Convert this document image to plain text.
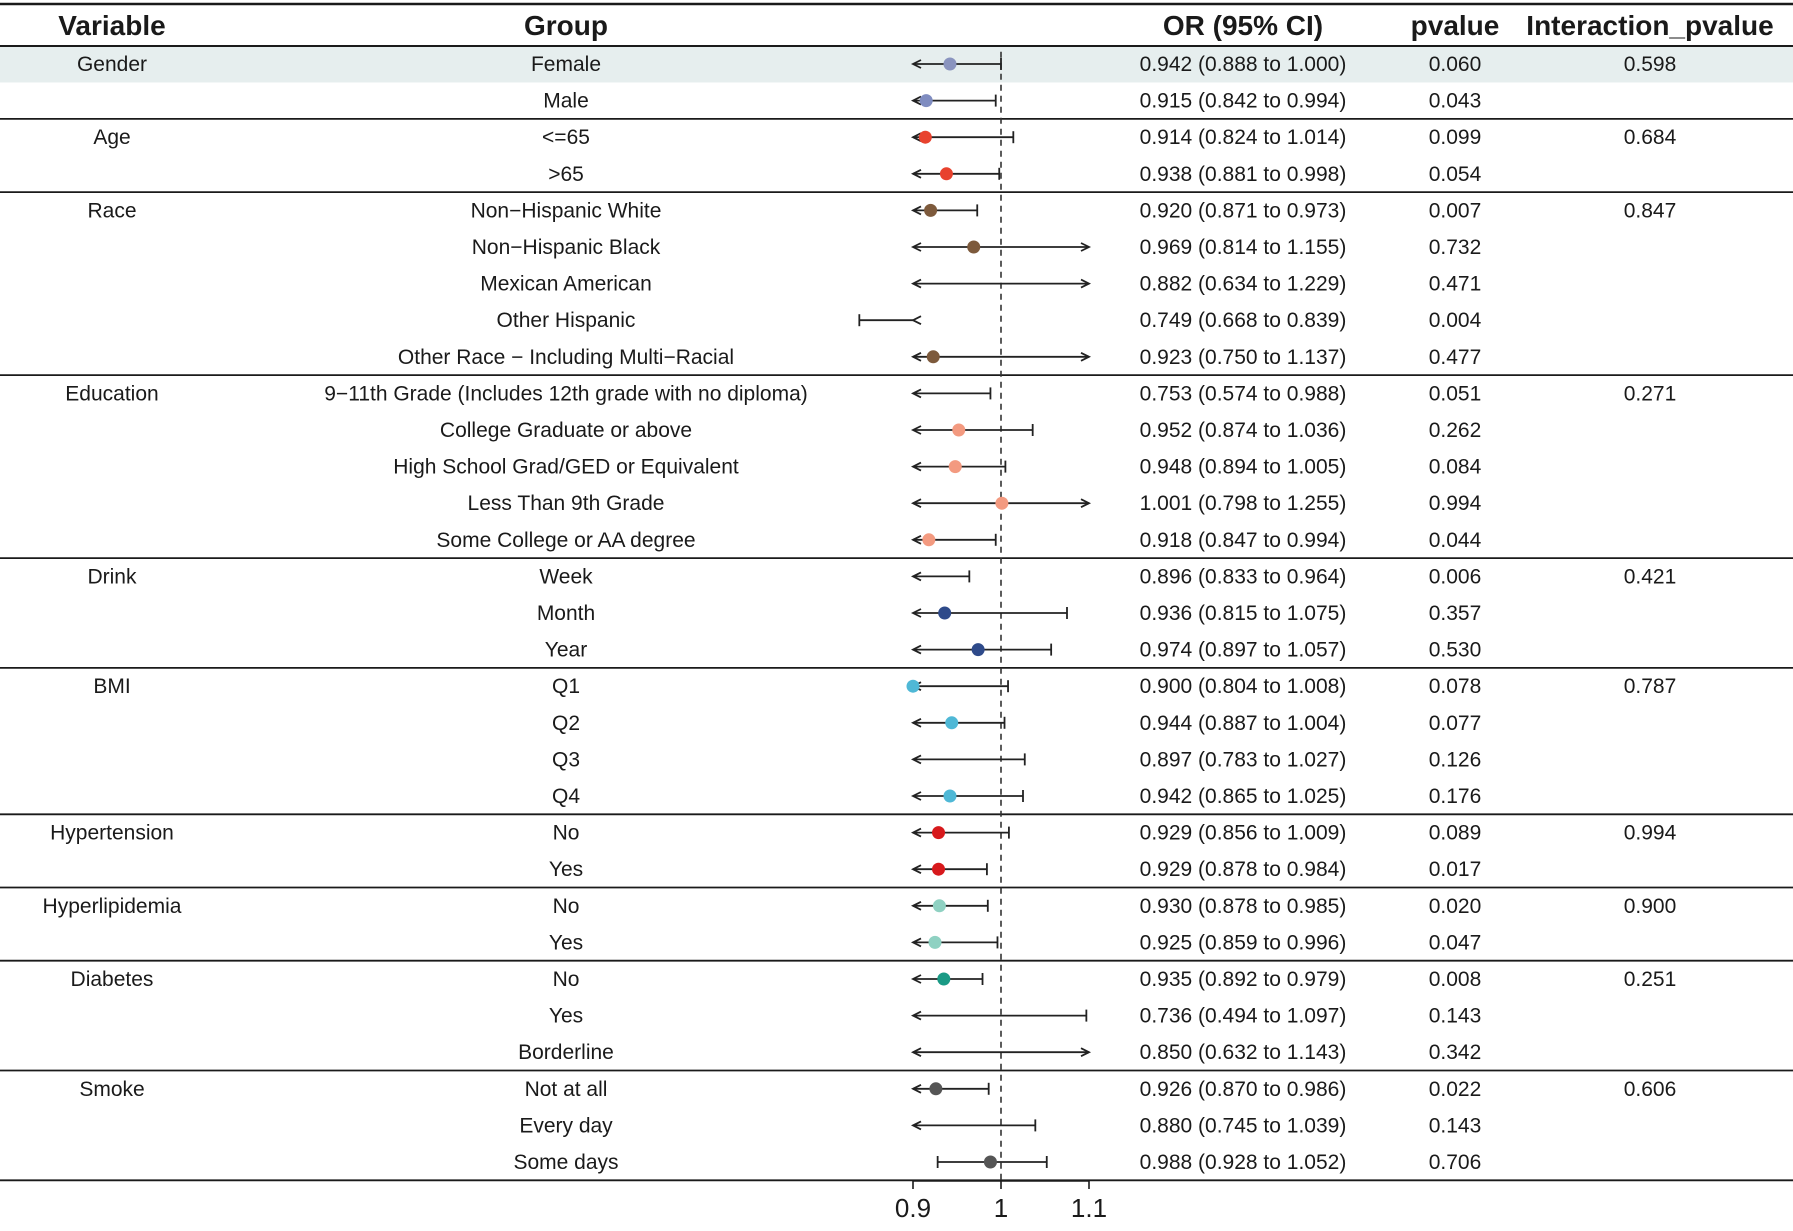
Variable	Group	OR (95% CI)	pvalue Interaction_pvalue
Gender	Female	0.942 (0.888 to 1.000)	0.060	0.598
Male	0.915 (0.842 to 0.994)	0.043
Age	<=65	0.914 (0.824 to 1.014)	0.099	0.684
>65	0.938 (0.881 to 0.998)	0.054
Race	Non−Hispanic White	0.920 (0.871 to 0.973)	0.007	0.847
Non−Hispanic Black	0.969 (0.814 to 1.155)	0.732
Mexican American	0.882 (0.634 to 1.229)	0.471
Other Hispanic	0.749 (0.668 to 0.839)	0.004
Other Race − Including Multi−Racial	0.923 (0.750 to 1.137)	0.477
Education	9−11th Grade (Includes 12th grade with no diploma)	0.753 (0.574 to 0.988)	0.051	0.271
College Graduate or above	0.952 (0.874 to 1.036)	0.262
High School Grad/GED or Equivalent	0.948 (0.894 to 1.005)	0.084
Less Than 9th Grade	1.001 (0.798 to 1.255)	0.994
Some College or AA degree	0.918 (0.847 to 0.994)	0.044
Drink	Week	0.896 (0.833 to 0.964)	0.006	0.421
Month	0.936 (0.815 to 1.075)	0.357
Year	0.974 (0.897 to 1.057)	0.530
BMI	Q1	0.900 (0.804 to 1.008)	0.078	0.787
Q2	0.944 (0.887 to 1.004)	0.077
Q3	0.897 (0.783 to 1.027)	0.126
Q4	0.942 (0.865 to 1.025)	0.176
Hypertension	No	0.929 (0.856 to 1.009)	0.089	0.994
Yes	0.929 (0.878 to 0.984)	0.017
Hyperlipidemia	No	0.930 (0.878 to 0.985)	0.020	0.900
Yes	0.925 (0.859 to 0.996)	0.047
Diabetes	No	0.935 (0.892 to 0.979)	0.008	0.251
Yes	0.736 (0.494 to 1.097)	0.143
Borderline	0.850 (0.632 to 1.143)	0.342
Smoke	Not at all	0.926 (0.870 to 0.986)	0.022	0.606
Every day	0.880 (0.745 to 1.039)	0.143
Some days	0.988 (0.928 to 1.052)	0.706
0.9 1 1.1
